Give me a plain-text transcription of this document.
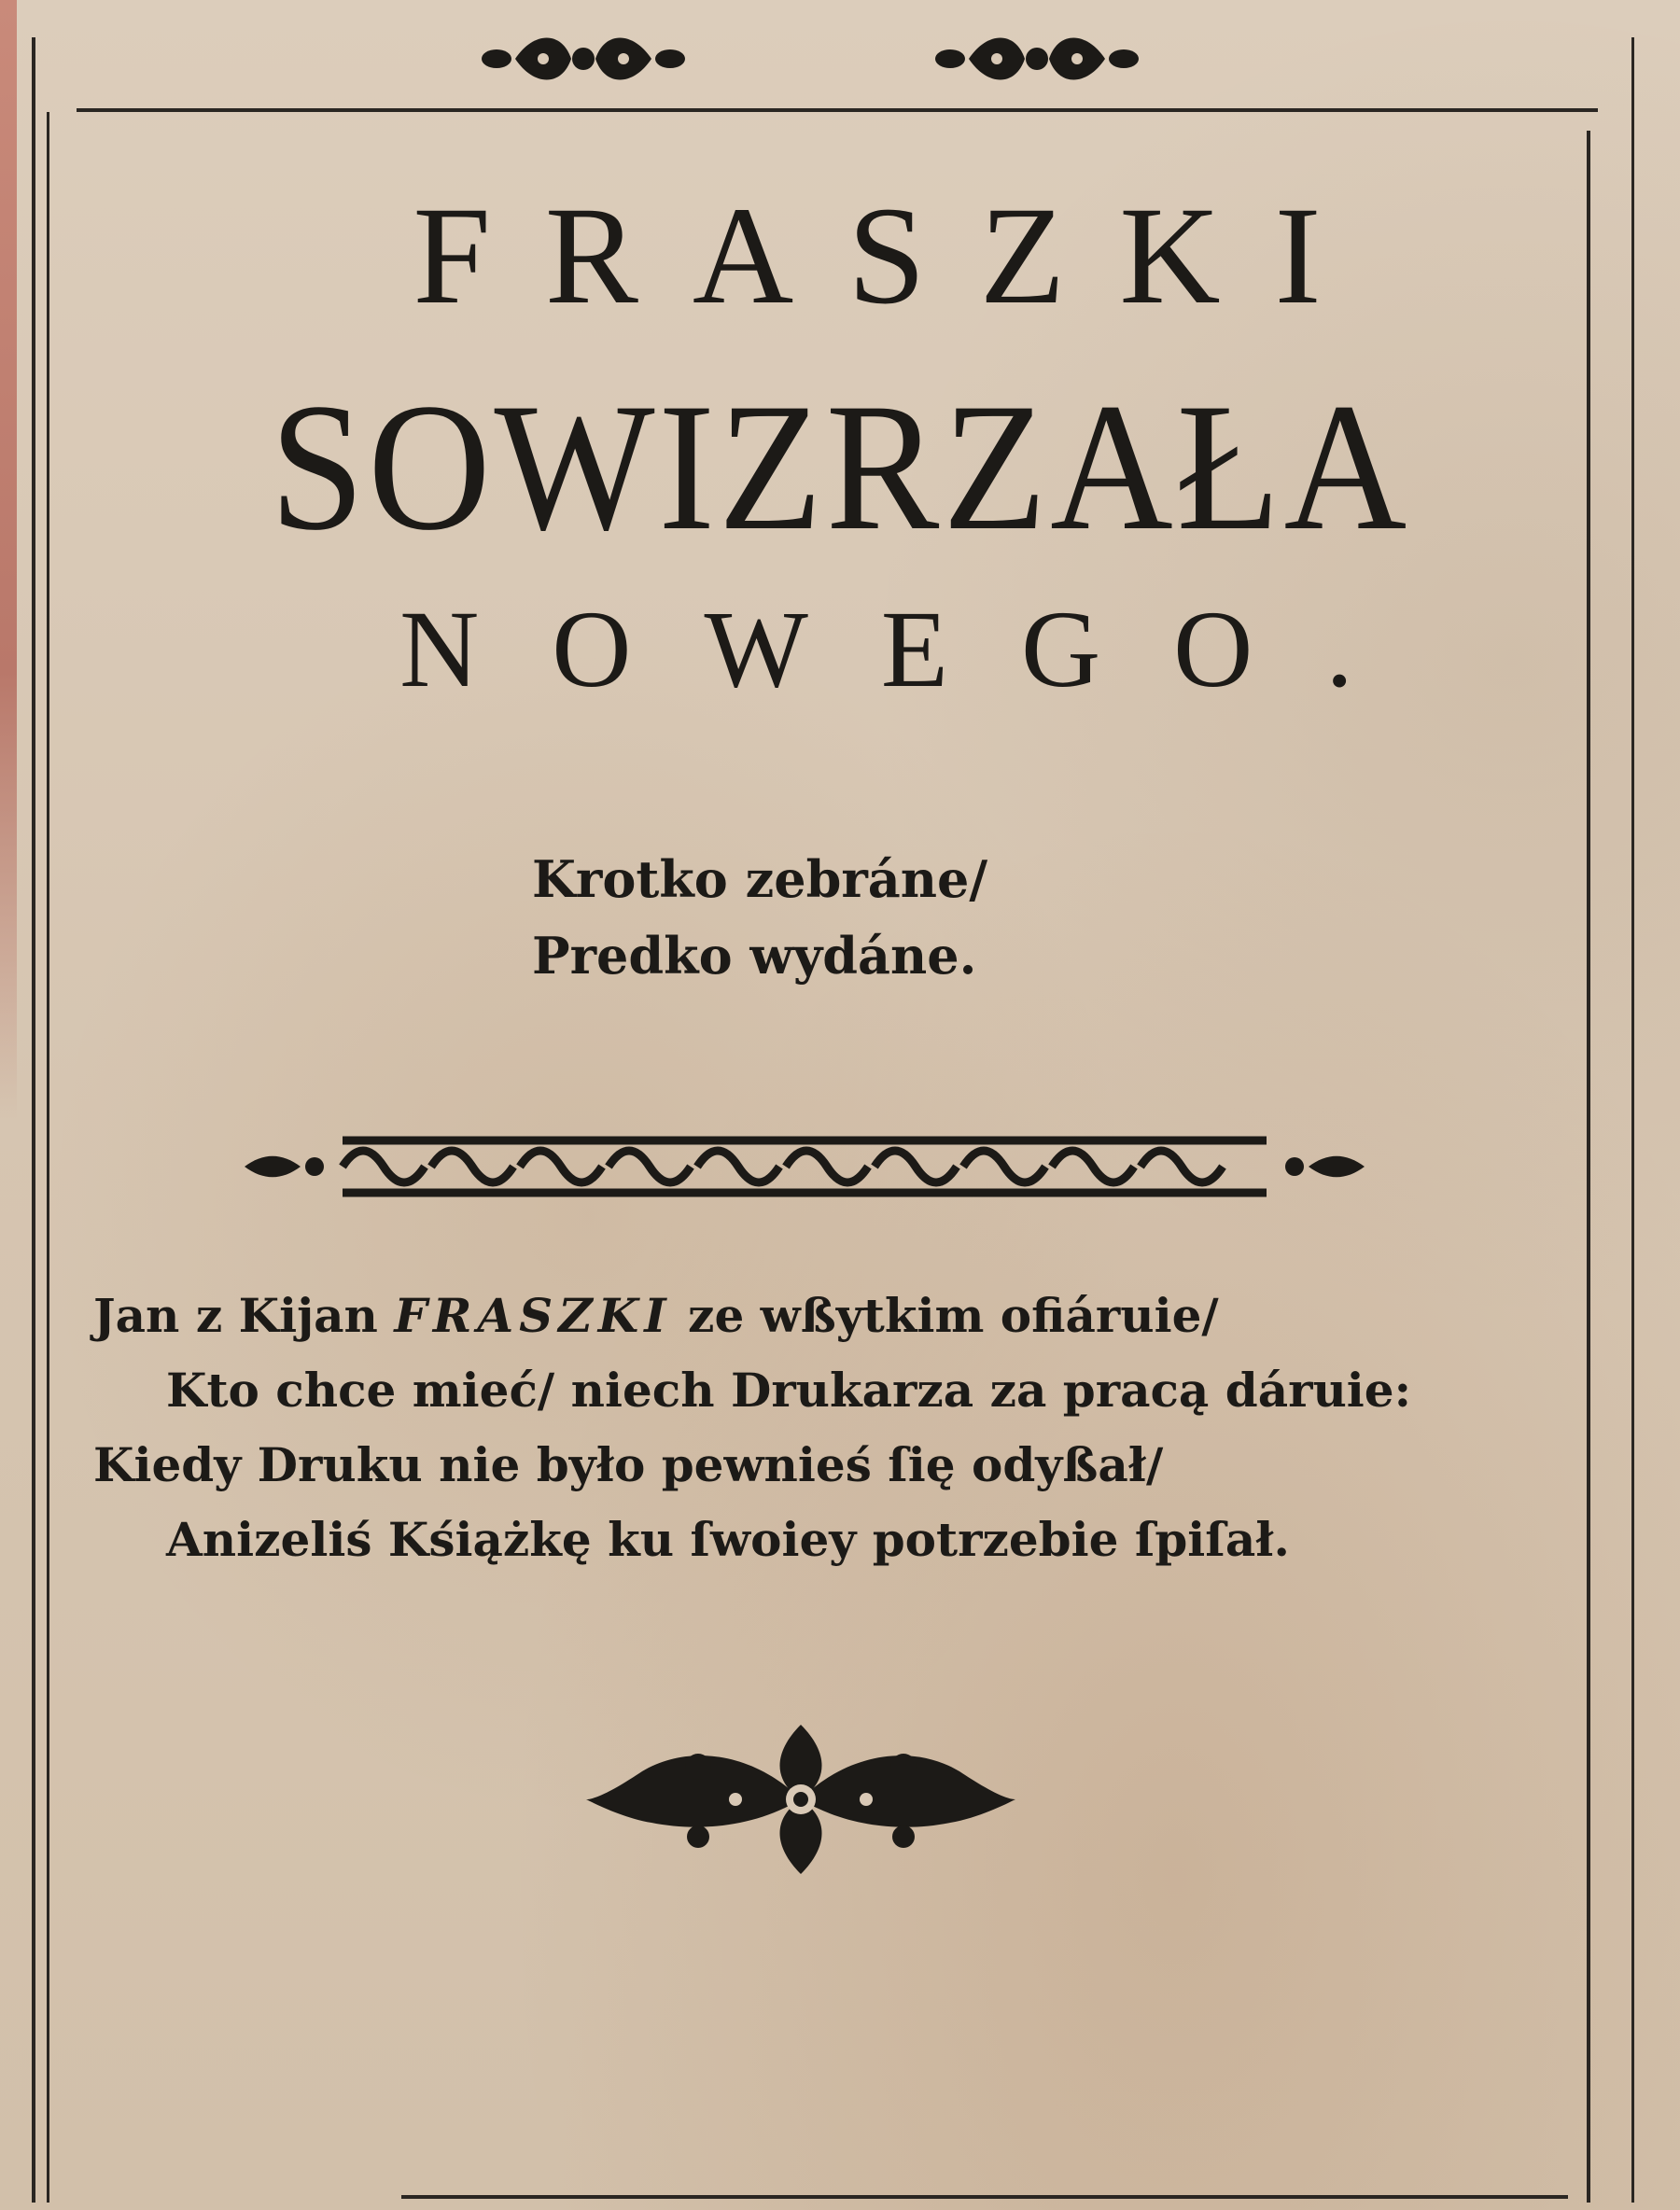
FRASZKI
SOWIZRZAŁA
NOWEGO.
Krotko zebráne/
Predko wydáne.
Jan z Kijan FRASZKI ze wßytkim ofiáruie/
Kto chce mieć/ niech Drukarza za pracą dáruie:
Kiedy Druku nie było pewnieś ſię odyßał/
Anizeliś Kśiążkę ku ſwoiey potrzebie ſpiſał.
